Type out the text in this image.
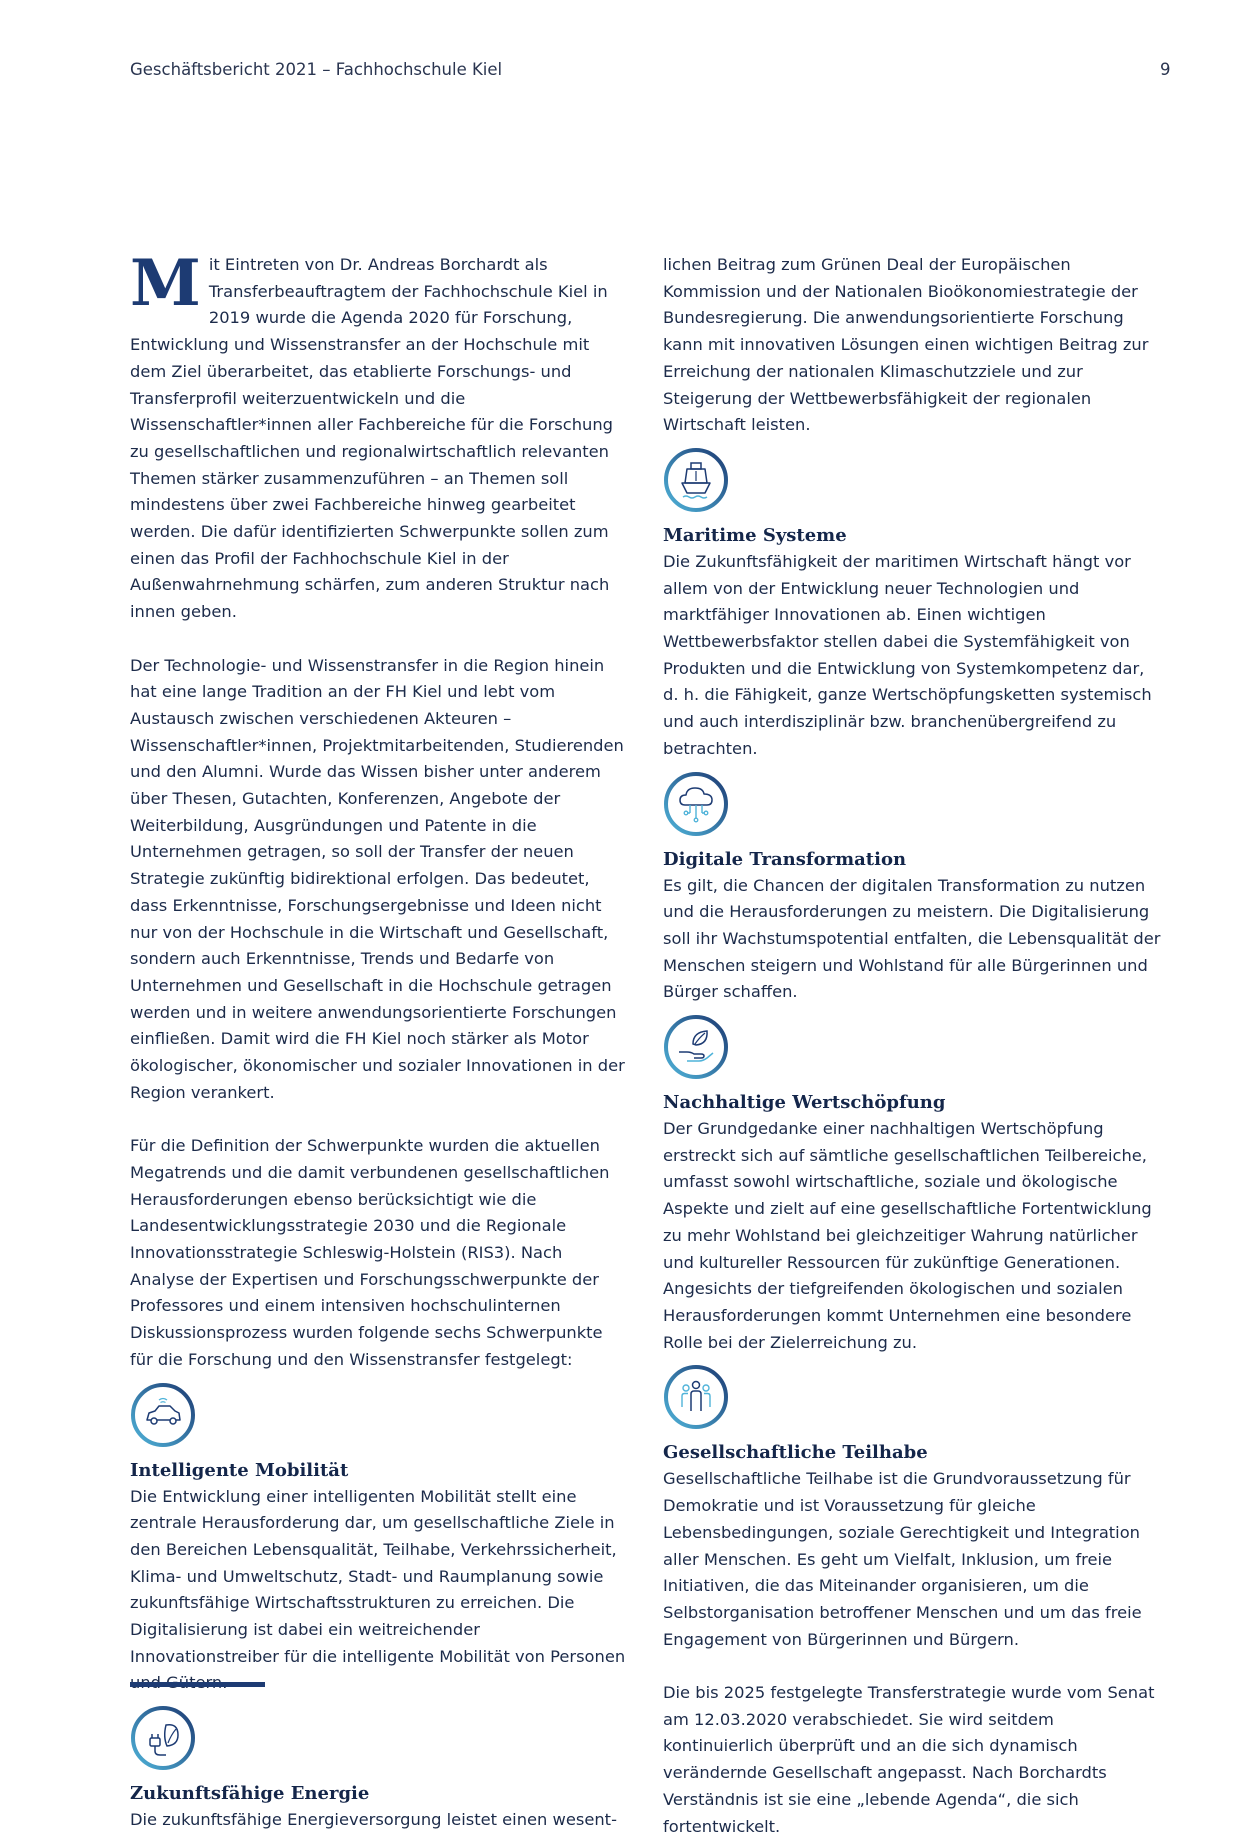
Geschäftsbericht 2021 – Fachhochschule Kiel	9

Mit Eintreten von Dr. Andreas Borchardt als Transferbeauftragtem der Fachhochschule Kiel in 2019 wurde die Agenda 2020 für Forschung, Entwicklung und Wissenstransfer an der Hochschule mit dem Ziel überarbeitet, das etablierte Forschungs- und Transferprofil weiterzuentwickeln und die Wissenschaftler*innen aller Fachbereiche für die Forschung zu gesellschaftlichen und regionalwirtschaftlich relevanten Themen stärker zusammenzuführen – an Themen soll mindestens über zwei Fachbereiche hinweg gearbeitet werden. Die dafür identifizierten Schwerpunkte sollen zum einen das Profil der Fachhochschule Kiel in der Außenwahrnehmung schärfen, zum anderen Struktur nach innen geben.

Der Technologie- und Wissenstransfer in die Region hinein hat eine lange Tradition an der FH Kiel und lebt vom Austausch zwischen verschiedenen Akteuren – Wissenschaftler*innen, Projektmitarbeitenden, Studierenden und den Alumni. Wurde das Wissen bisher unter anderem über Thesen, Gutachten, Konferenzen, Angebote der Weiterbildung, Ausgründungen und Patente in die Unternehmen getragen, so soll der Transfer der neuen Strategie zukünftig bidirektional erfolgen. Das bedeutet, dass Erkenntnisse, Forschungsergebnisse und Ideen nicht nur von der Hochschule in die Wirtschaft und Gesellschaft, sondern auch Erkenntnisse, Trends und Bedarfe von Unternehmen und Gesellschaft in die Hochschule getragen werden und in weitere anwendungsorientierte Forschungen einfließen. Damit wird die FH Kiel noch stärker als Motor ökologischer, ökonomischer und sozialer Innovationen in der Region verankert.

Für die Definition der Schwerpunkte wurden die aktuellen Megatrends und die damit verbundenen gesellschaftlichen Herausforderungen ebenso berücksichtigt wie die Landesentwicklungsstrategie 2030 und die Regionale Innovationsstrategie Schleswig-Holstein (RIS3). Nach Analyse der Expertisen und Forschungsschwerpunkte der Professores und einem intensiven hochschulinternen Diskussionsprozess wurden folgende sechs Schwerpunkte für die Forschung und den Wissenstransfer festgelegt:

Intelligente Mobilität

Die Entwicklung einer intelligenten Mobilität stellt eine zentrale Herausforderung dar, um gesellschaftliche Ziele in den Bereichen Lebensqualität, Teilhabe, Verkehrssicherheit, Klima- und Umweltschutz, Stadt- und Raumplanung sowie zukunftsfähige Wirtschaftsstrukturen zu erreichen. Die Digitalisierung ist dabei ein weitreichender Innovationstreiber für die intelligente Mobilität von Personen

Zukunftsfähige Energie

Die zukunftsfähige Energieversorgung leistet einen wesent-

lichen Beitrag zum Grünen Deal der Europäischen Kommission und der Nationalen Bioökonomiestrategie der Bundesregierung. Die anwendungsorientierte Forschung kann mit innovativen Lösungen einen wichtigen Beitrag zur Erreichung der nationalen Klimaschutzziele und zur Steigerung der Wettbewerbsfähigkeit der regionalen Wirtschaft leisten.

Maritime Systeme

Die Zukunftsfähigkeit der maritimen Wirtschaft hängt vor allem von der Entwicklung neuer Technologien und marktfähiger Innovationen ab. Einen wichtigen Wettbewerbsfaktor stellen dabei die Systemfähigkeit von Produkten und die Entwicklung von Systemkompetenz dar, d. h. die Fähigkeit, ganze Wertschöpfungsketten systemisch und auch interdisziplinär bzw. branchenübergreifend zu betrachten.

Digitale Transformation

Es gilt, die Chancen der digitalen Transformation zu nutzen und die Herausforderungen zu meistern. Die Digitalisierung soll ihr Wachstumspotential entfalten, die Lebensqualität der Menschen steigern und Wohlstand für alle Bürgerinnen und Bürger schaffen.

Nachhaltige Wertschöpfung

Der Grundgedanke einer nachhaltigen Wertschöpfung erstreckt sich auf sämtliche gesellschaftlichen Teilbereiche, umfasst sowohl wirtschaftliche, soziale und ökologische Aspekte und zielt auf eine gesellschaftliche Fortentwicklung zu mehr Wohlstand bei gleichzeitiger Wahrung natürlicher und kultureller Ressourcen für zukünftige Generationen. Angesichts der tiefgreifenden ökologischen und sozialen Herausforderungen kommt Unternehmen eine besondere Rolle bei der Zielerreichung zu.

Gesellschaftliche Teilhabe

Gesellschaftliche Teilhabe ist die Grundvoraussetzung für Demokratie und ist Voraussetzung für gleiche Lebensbedingungen, soziale Gerechtigkeit und Integration aller Menschen. Es geht um Vielfalt, Inklusion, um freie Initiativen, die das Miteinander organisieren, um die Selbstorganisation betroffener Menschen und um das freie Engagement von Bürgerinnen und Bürgern.

Die bis 2025 festgelegte Transferstrategie wurde vom Senat am 12.03.2020 verabschiedet. Sie wird seitdem kontinuierlich überprüft und an die sich dynamisch verändernde Gesellschaft angepasst. Nach Borchardts Verständnis ist sie eine „lebende Agenda“, die sich fortentwickelt.
